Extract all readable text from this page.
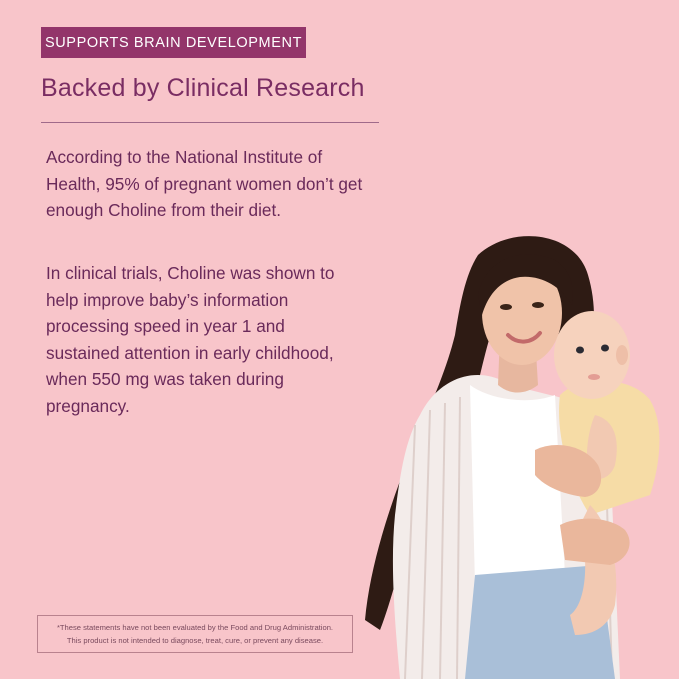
SUPPORTS BRAIN DEVELOPMENT
Backed by Clinical Research

According to the National Institute of Health, 95% of pregnant women don’t get enough Choline from their diet.

In clinical trials, Choline was shown to help improve baby’s information processing speed in year 1 and sustained attention in early childhood, when 550 mg was taken during pregnancy.

*These statements have not been evaluated by the Food and Drug Administration.
This product is not intended to diagnose, treat, cure, or prevent any disease.
